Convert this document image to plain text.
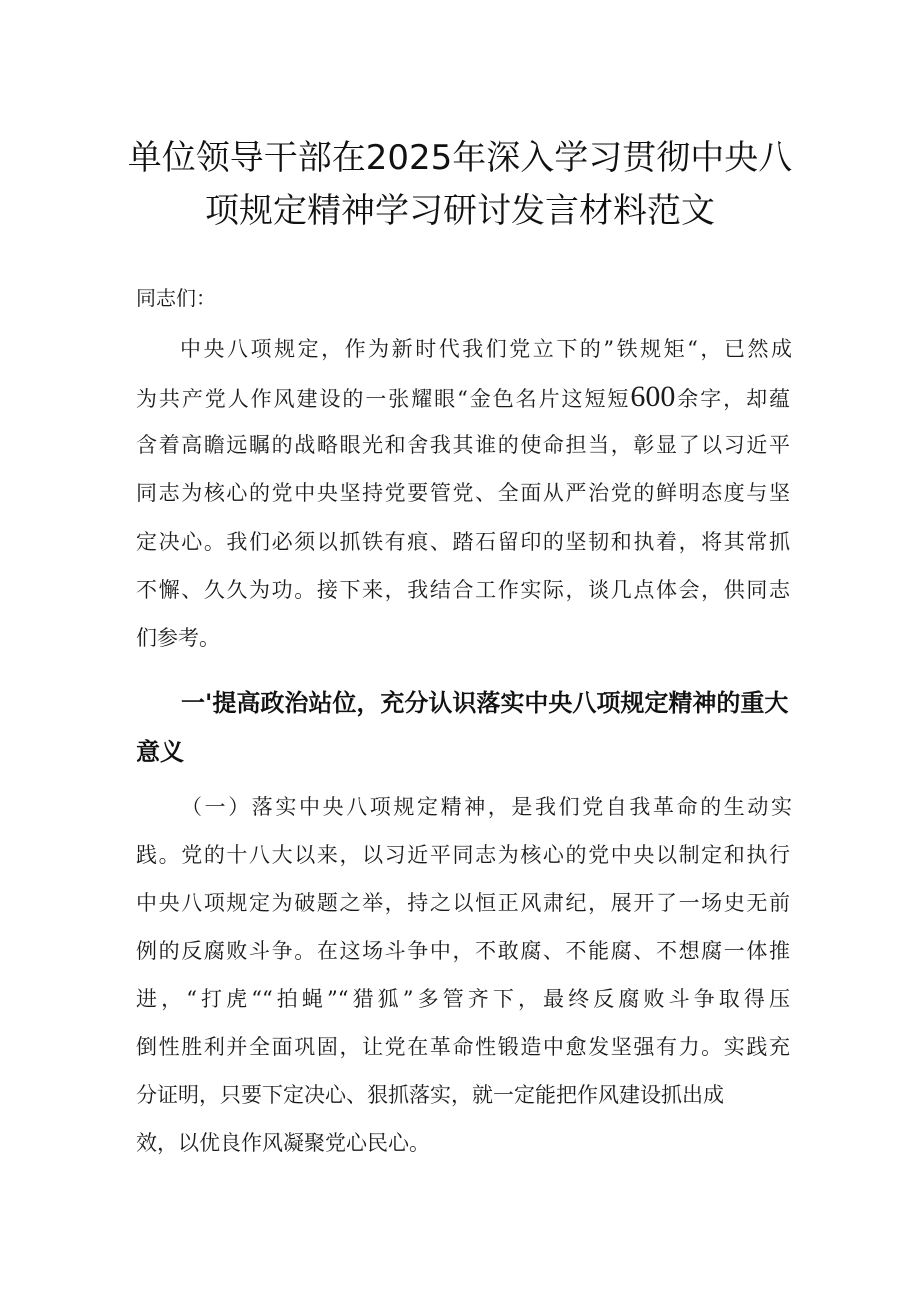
单位领导干部在2025年深入学习贯彻中央八
项规定精神学习研讨发言材料范文

同志们：

中央八项规定，作为新时代我们党立下的”铁规矩“，已然成

为共产党人作风建设的一张耀眼“金色名片这短短600余字，却蕴

含着高瞻远瞩的战略眼光和舍我其谁的使命担当，彰显了以习近平

同志为核心的党中央坚持党要管党、全面从严治党的鲜明态度与坚

定决心。我们必须以抓铁有痕、踏石留印的坚韧和执着，将其常抓

不懈、久久为功。接下来，我结合工作实际，谈几点体会，供同志

们参考。

一'提高政治站位，充分认识落实中央八项规定精神的重大
意义

（一）落实中央八项规定精神，是我们党自我革命的生动实

践。党的十八大以来，以习近平同志为核心的党中央以制定和执行

中央八项规定为破题之举，持之以恒正风肃纪，展开了一场史无前

例的反腐败斗争。在这场斗争中，不敢腐、不能腐、不想腐一体推

进，“打虎““拍蝇”“猎狐”多管齐下，最终反腐败斗争取得压

倒性胜利并全面巩固，让党在革命性锻造中愈发坚强有力。实践充

分证明，只要下定决心、狠抓落实，就一定能把作风建设抓出成

效，以优良作风凝聚党心民心。
